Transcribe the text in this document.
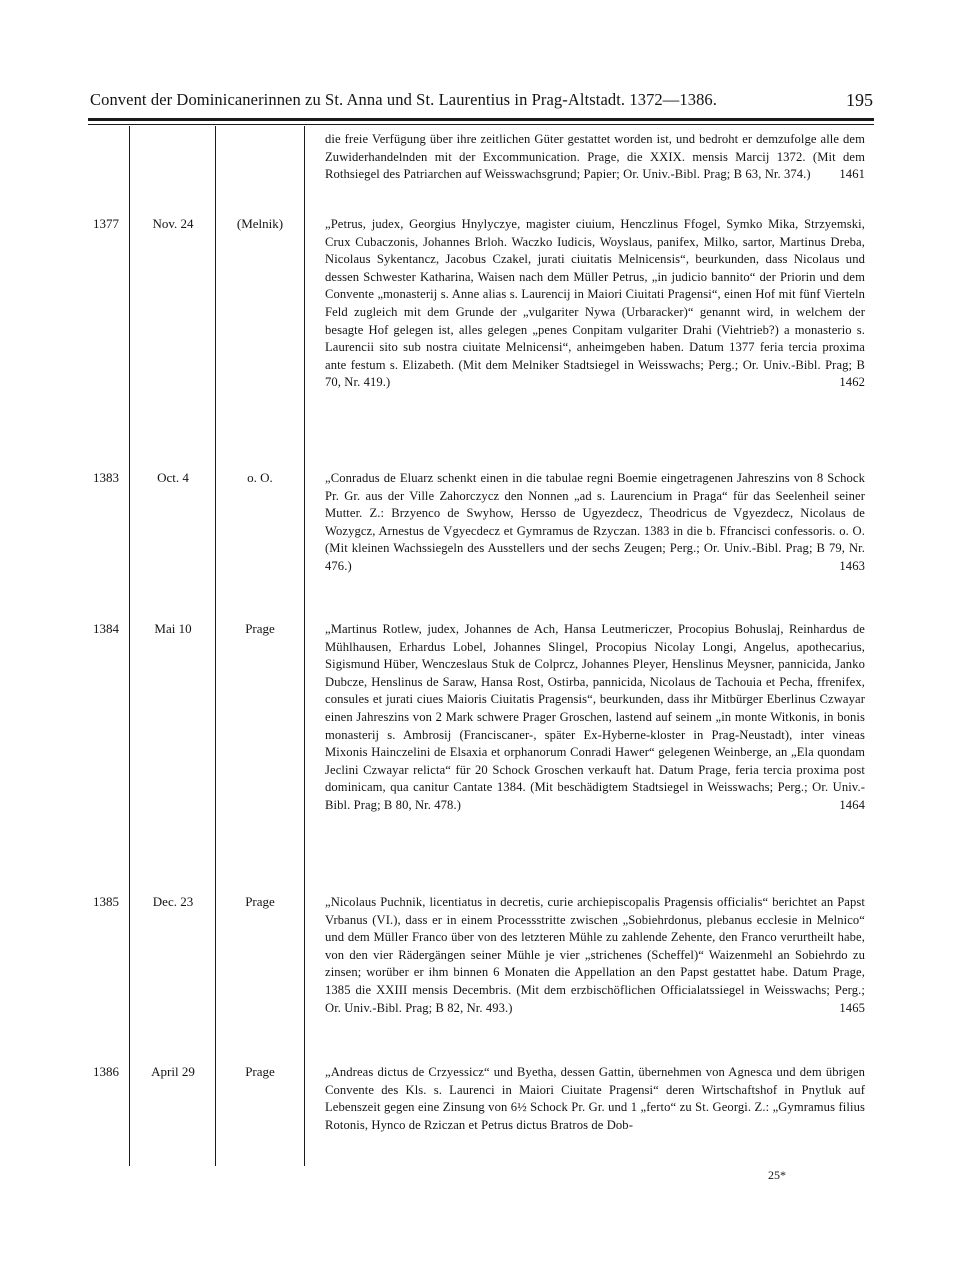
Convent der Dominicanerinnen zu St. Anna und St. Laurentius in Prag-Altstadt. 1372—1386.	195
die freie Verfügung über ihre zeitlichen Güter gestattet worden ist, und bedroht er demzufolge alle dem Zuwiderhandelnden mit der Excommunication. Prage, die XXIX. mensis Marcij 1372. (Mit dem Rothsiegel des Patriarchen auf Weisswachsgrund; Papier; Or. Univ.-Bibl. Prag; B 63, Nr. 374.) 1461
1377	Nov. 24	(Melnik)	„Petrus, judex, Georgius Hnylyczye, magister ciuium, Henczlinus Ffogel, Symko Mika, Strzyemski, Crux Cubaczonis, Johannes Brloh. Waczko Iudicis, Woyslaus, panifex, Milko, sartor, Martinus Dreba, Nicolaus Sykentancz, Jacobus Czakel, jurati ciuitatis Melnicensis“, beurkunden, dass Nicolaus und dessen Schwester Katharina, Waisen nach dem Müller Petrus, „in judicio bannito“ der Priorin und dem Convente „monasterij s. Anne alias s. Laurencij in Maiori Ciuitati Pragensi“, einen Hof mit fünf Vierteln Feld zugleich mit dem Grunde der „vulgariter Nywa (Urbaracker)“ genannt wird, in welchem der besagte Hof gelegen ist, alles gelegen „penes Conpitam vulgariter Drahi (Viehtrieb?) a monasterio s. Laurencii sito sub nostra ciuitate Melnicensi“, anheimgeben haben. Datum 1377 feria tercia proxima ante festum s. Elizabeth. (Mit dem Melniker Stadtsiegel in Weisswachs; Perg.; Or. Univ.-Bibl. Prag; B 70, Nr. 419.)	1462
1383	Oct. 4	o. O.	„Conradus de Eluarz schenkt einen in die tabulae regni Boemie eingetragenen Jahreszins von 8 Schock Pr. Gr. aus der Ville Zahorczycz den Nonnen „ad s. Laurencium in Praga“ für das Seelenheil seiner Mutter. Z.: Brzyenco de Swyhow, Hersso de Ugyezdecz, Theodricus de Vgyezdecz, Nicolaus de Wozygcz, Arnestus de Vgyecdecz et Gymramus de Rzyczan. 1383 in die b. Ffrancisci confessoris. o. O. (Mit kleinen Wachssiegeln des Ausstellers und der sechs Zeugen; Perg.; Or. Univ.-Bibl. Prag; B 79, Nr. 476.)	1463
1384	Mai 10	Prage	„Martinus Rotlew, judex, Johannes de Ach, Hansa Leutmericzer, Procopius Bohuslaj, Reinhardus de Mühlhausen, Erhardus Lobel, Johannes Slingel, Procopius Nicolay Longi, Angelus, apothecarius, Sigismund Hüber, Wenczeslaus Stuk de Colprcz, Johannes Pleyer, Henslinus Meysner, pannicida, Janko Dubcze, Henslinus de Saraw, Hansa Rost, Ostirba, pannicida, Nicolaus de Tachouia et Pecha, ffrenifex, consules et jurati ciues Maioris Ciuitatis Pragensis“, beurkunden, dass ihr Mitbürger Eberlinus Czwayar einen Jahreszins von 2 Mark schwere Prager Groschen, lastend auf seinem „in monte Witkonis, in bonis monasterij s. Ambrosij (Franciscaner-, später Ex-Hyberne-kloster in Prag-Neustadt), inter vineas Mixonis Hainczelini de Elsaxia et orphanorum Conradi Hawer“ gelegenen Weinberge, an „Ela quondam Jeclini Czwayar relicta“ für 20 Schock Groschen verkauft hat. Datum Prage, feria tercia proxima post dominicam, qua canitur Cantate 1384. (Mit beschädigtem Stadtsiegel in Weisswachs; Perg.; Or. Univ.-Bibl. Prag; B 80, Nr. 478.)	1464
1385	Dec. 23	Prage	„Nicolaus Puchnik, licentiatus in decretis, curie archiepiscopalis Pragensis officialis“ berichtet an Papst Vrbanus (VI.), dass er in einem Processstritte zwischen „Sobiehrdonus, plebanus ecclesie in Melnico“ und dem Müller Franco über von des letzteren Mühle zu zahlende Zehente, den Franco verurtheilt habe, von den vier Rädergängen seiner Mühle je vier „strichenes (Scheffel)“ Waizenmehl an Sobiehrdo zu zinsen; worüber er ihm binnen 6 Monaten die Appellation an den Papst gestattet habe. Datum Prage, 1385 die XXIII mensis Decembris. (Mit dem erzbischöflichen Officialatssiegel in Weisswachs; Perg.; Or. Univ.-Bibl. Prag; B 82, Nr. 493.)	1465
1386	April 29	Prage	„Andreas dictus de Crzyessicz“ und Byetha, dessen Gattin, übernehmen von Agnesca und dem übrigen Convente des Kls. s. Laurenci in Maiori Ciuitate Pragensi“ deren Wirtschaftshof in Pnytluk auf Lebenszeit gegen eine Zinsung von 6½ Schock Pr. Gr. und 1 „ferto“ zu St. Georgi. Z.: „Gymramus filius Rotonis, Hynco de Rziczan et Petrus dictus Bratros de Dob-
25*
